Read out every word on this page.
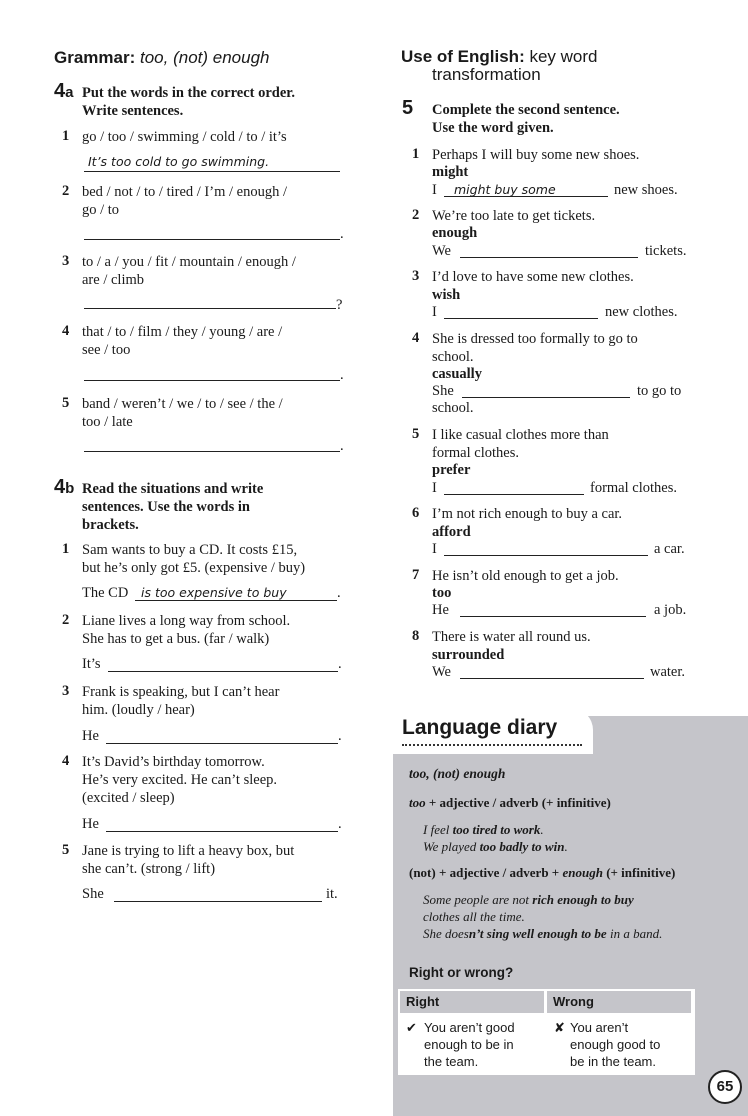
Grammar: too, (not) enough
4a Put the words in the correct order.
Write sentences.
1 go / too / swimming / cold / to / it’s
It’s too cold to go swimming.
2 bed / not / to / tired / I’m / enough /
go / to
.
3 to / a / you / fit / mountain / enough /
are / climb
?
4 that / to / film / they / young / are /
see / too
.
5 band / weren’t / we / to / see / the /
too / late
.
4b Read the situations and write
sentences. Use the words in
brackets.
1 Sam wants to buy a CD. It costs £15,
but he’s only got £5. (expensive / buy)
The CD	is too expensive to buy	.
2 Liane lives a long way from school.
She has to get a bus. (far / walk)
It’s	.
3 Frank is speaking, but I can’t hear
him. (loudly / hear)
He	.
4 It’s David’s birthday tomorrow.
He’s very excited. He can’t sleep.
(excited / sleep)
He	.
5 Jane is trying to lift a heavy box, but
she can’t. (strong / lift)
She	it.
Use of English: key word
transformation
5 Complete the second sentence.
Use the word given.
1 Perhaps I will buy some new shoes.
might
I	might buy some	new shoes.
2 We’re too late to get tickets.
enough
We	tickets.
3 I’d love to have some new clothes.
wish
I	new clothes.
4 She is dressed too formally to go to
school.
casually
She	to go to
school.
5 I like casual clothes more than
formal clothes.
prefer
I	formal clothes.
6 I’m not rich enough to buy a car.
afford
I	a car.
7 He isn’t old enough to get a job.
too
He	a job.
8 There is water all round us.
surrounded
We	water.
Language diary
too, (not) enough
too + adjective / adverb (+ infinitive)
I feel too tired to work.
We played too badly to win.
(not) + adjective / adverb + enough (+ infinitive)
Some people are not rich enough to buy
clothes all the time.
She doesn’t sing well enough to be in a band.
Right or wrong?
Right	Wrong
✔ You aren’t good
enough to be in
the team.
✘ You aren’t
enough good to
be in the team.
65
